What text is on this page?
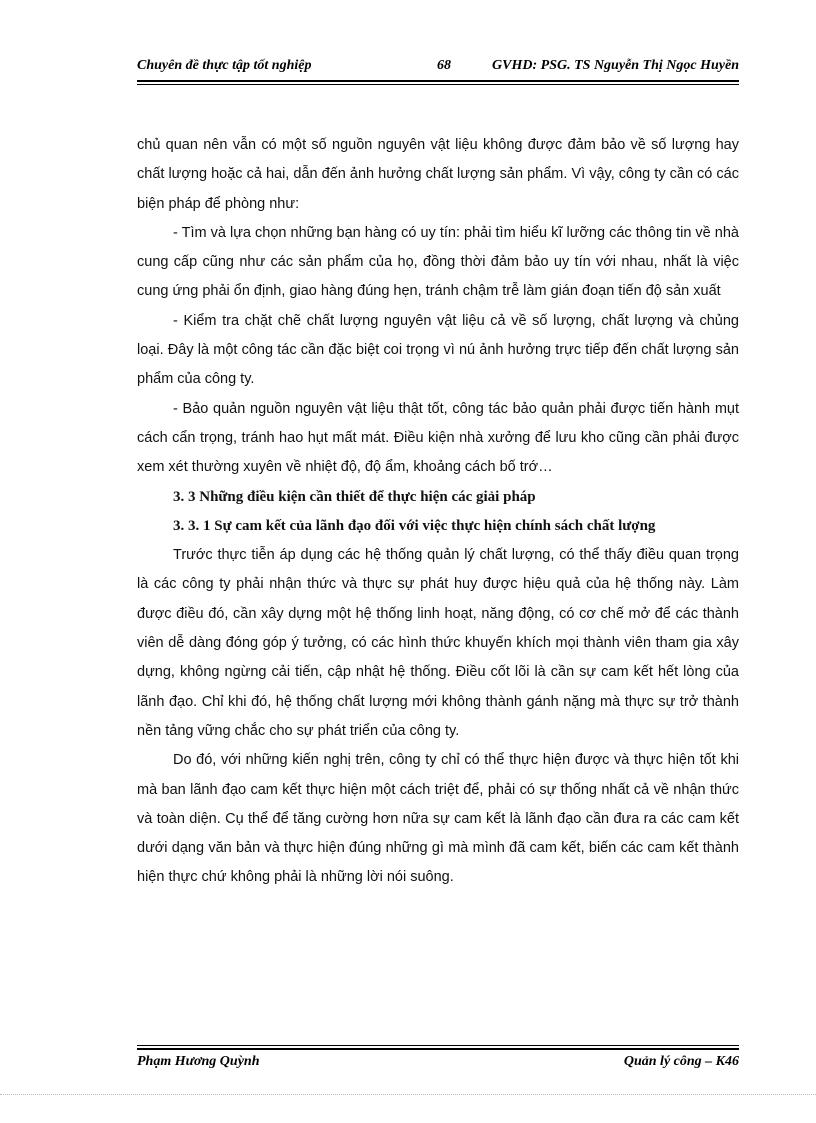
Chuyên đề thực tập tốt nghiệp	68	GVHD: PSG. TS Nguyễn Thị Ngọc Huyền

chủ quan nên vẫn có một số nguồn nguyên vật liệu không được đảm bảo về số lượng hay chất lượng hoặc cả hai, dẫn đến ảnh hưởng chất lượng sản phẩm. Vì vậy, công ty cần có các biện pháp để phòng như:

- Tìm và lựa chọn những bạn hàng có uy tín: phải tìm hiểu kĩ lưỡng các thông tin về nhà cung cấp cũng như các sản phẩm của họ, đồng thời đảm bảo uy tín với nhau, nhất là việc cung ứng phải ổn định, giao hàng đúng hẹn, tránh chậm trễ làm gián đoạn tiến độ sản xuất

- Kiểm tra chặt chẽ chất lượng nguyên vật liệu cả về số lượng, chất lượng và chủng loại. Đây là một công tác cần đặc biệt coi trọng vì nú ảnh hưởng trực tiếp đến chất lượng sản phẩm của công ty.

- Bảo quản nguồn nguyên vật liệu thật tốt, công tác bảo quản phải được tiến hành mụt cách cẩn trọng, tránh hao hụt mất mát. Điều kiện nhà xưởng để lưu kho cũng cần phải được xem xét thường xuyên về nhiệt độ, độ ẩm, khoảng cách bố trớ…

3. 3 Những điều kiện cần thiết để thực hiện các giải pháp

3. 3. 1 Sự cam kết của lãnh đạo đối với việc thực hiện chính sách chất lượng

Trước thực tiễn áp dụng các hệ thống quản lý chất lượng, có thể thấy điều quan trọng là các công ty phải nhận thức và thực sự phát huy được hiệu quả của hệ thống này. Làm được điều đó, cần xây dựng một hệ thống linh hoạt, năng động, có cơ chế mở để các thành viên dễ dàng đóng góp ý tưởng, có các hình thức khuyến khích mọi thành viên tham gia xây dựng, không ngừng cải tiến, cập nhật hệ thống. Điều cốt lõi là cần sự cam kết hết lòng của lãnh đạo. Chỉ khi đó, hệ thống chất lượng mới không thành gánh nặng mà thực sự trở thành nền tảng vững chắc cho sự phát triển của công ty.

Do đó, với những kiến nghị trên, công ty chỉ có thể thực hiện được và thực hiện tốt khi mà ban lãnh đạo cam kết thực hiện một cách triệt để, phải có sự thống nhất cả về nhận thức và toàn diện. Cụ thể để tăng cường hơn nữa sự cam kết là lãnh đạo cần đưa ra các cam kết dưới dạng văn bản và thực hiện đúng những gì mà mình đã cam kết, biến các cam kết thành hiện thực chứ không phải là những lời nói suông.

Phạm Hương Quỳnh	Quản lý công – K46
